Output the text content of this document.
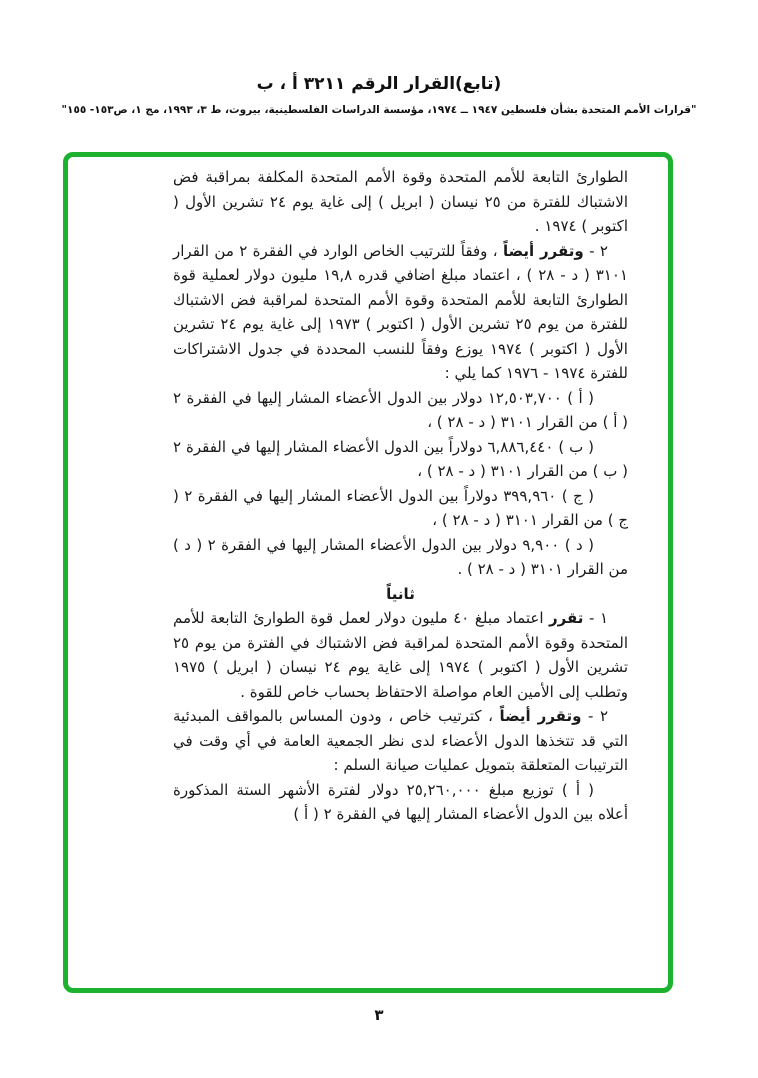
(تابع)القرار الرقم ٣٢١١ أ ، ب
"قرارات الأمم المتحدة بشأن فلسطين ١٩٤٧ ــ ١٩٧٤، مؤسسة الدراسات الفلسطينية، بيروت، ط ٣، ١٩٩٣، مج ١، ص١٥٣- ١٥٥"
الطوارئ التابعة للأمم المتحدة وقوة الأمم المتحدة المكلفة بمراقبة فض الاشتباك للفترة من ٢٥ نيسان ( ابريل ) إلى غاية يوم ٢٤ تشرين الأول ( اكتوبر ) ١٩٧٤ .
٢ - وتقرر أيضاً ، وفقاً للترتيب الخاص الوارد في الفقرة ٢ من القرار ٣١٠١ ( د - ٢٨ ) ، اعتماد مبلغ اضافي قدره ١٩,٨ مليون دولار لعملية قوة الطوارئ التابعة للأمم المتحدة وقوة الأمم المتحدة لمراقبة فض الاشتباك للفترة من يوم ٢٥ تشرين الأول ( اكتوبر ) ١٩٧٣ إلى غاية يوم ٢٤ تشرين الأول ( اكتوبر ) ١٩٧٤ يوزع وفقاً للنسب المحددة في جدول الاشتراكات للفترة ١٩٧٤ - ١٩٧٦ كما يلي :
( أ ) ١٢,٥٠٣,٧٠٠ دولار بين الدول الأعضاء المشار إليها في الفقرة ٢ ( أ ) من القرار ٣١٠١ ( د - ٢٨ ) ،
( ب ) ٦,٨٨٦,٤٤٠ دولاراً بين الدول الأعضاء المشار إليها في الفقرة ٢ ( ب ) من القرار ٣١٠١ ( د - ٢٨ ) ،
( ج ) ٣٩٩,٩٦٠ دولاراً بين الدول الأعضاء المشار إليها في الفقرة ٢ ( ج ) من القرار ٣١٠١ ( د - ٢٨ ) ،
( د ) ٩,٩٠٠ دولار بين الدول الأعضاء المشار إليها في الفقرة ٢ ( د ) من القرار ٣١٠١ ( د - ٢٨ ) .
ثانياً
١ - تقرر اعتماد مبلغ ٤٠ مليون دولار لعمل قوة الطوارئ التابعة للأمم المتحدة وقوة الأمم المتحدة لمراقبة فض الاشتباك في الفترة من يوم ٢٥ تشرين الأول ( اكتوبر ) ١٩٧٤ إلى غاية يوم ٢٤ نيسان ( ابريل ) ١٩٧٥ وتطلب إلى الأمين العام مواصلة الاحتفاظ بحساب خاص للقوة .
٢ - وتقرر أيضاً ، كترتيب خاص ، ودون المساس بالمواقف المبدئية التي قد تتخذها الدول الأعضاء لدى نظر الجمعية العامة في أي وقت في الترتيبات المتعلقة بتمويل عمليات صيانة السلم :
( أ ) توزيع مبلغ ٢٥,٢٦٠,٠٠٠ دولار لفترة الأشهر الستة المذكورة أعلاه بين الدول الأعضاء المشار إليها في الفقرة ٢ ( أ )
٣
